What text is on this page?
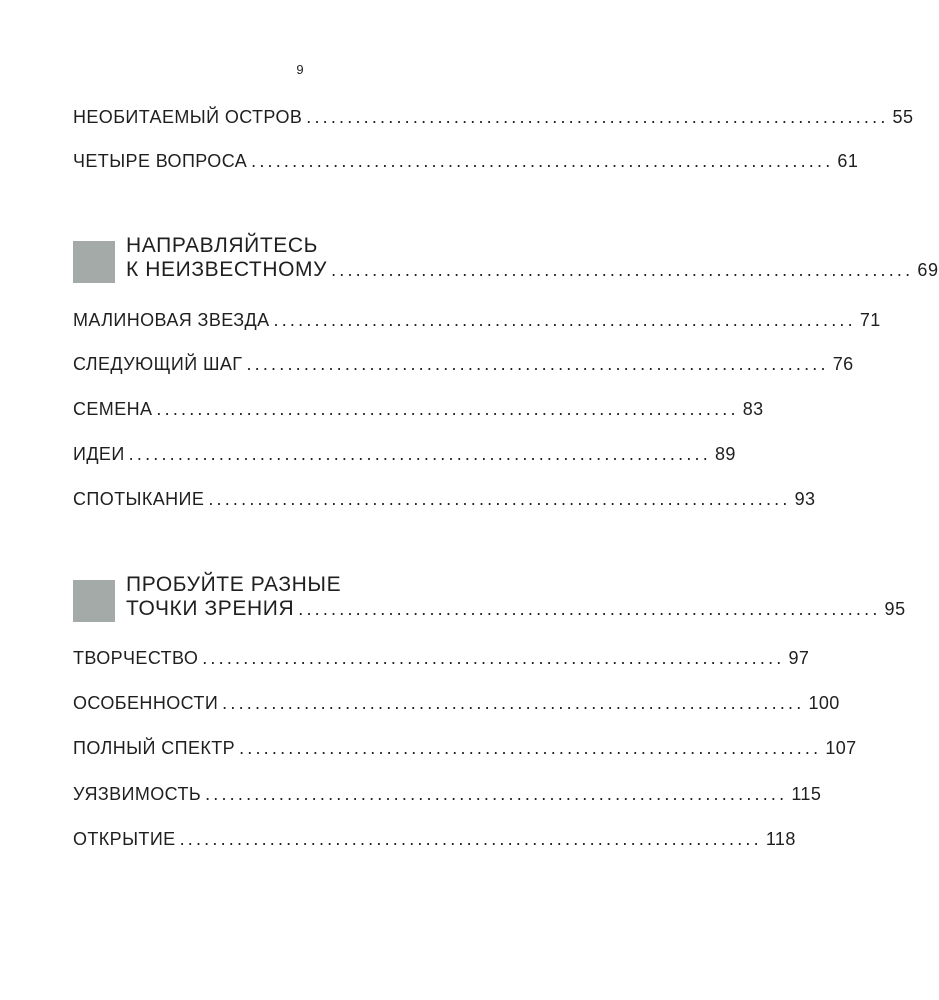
9
НЕОБИТАЕМЫЙ ОСТРОВ ....................................................................... 55
ЧЕТЫРЕ ВОПРОСА ....................................................................... 61
НАПРАВЛЯЙТЕСЬ
К НЕИЗВЕСТНОМУ ....................................................................... 69
МАЛИНОВАЯ ЗВЕЗДА ....................................................................... 71
СЛЕДУЮЩИЙ ШАГ ....................................................................... 76
СЕМЕНА ....................................................................... 83
ИДЕИ ....................................................................... 89
СПОТЫКАНИЕ ....................................................................... 93
ПРОБУЙТЕ РАЗНЫЕ
ТОЧКИ ЗРЕНИЯ ....................................................................... 95
ТВОРЧЕСТВО ....................................................................... 97
ОСОБЕННОСТИ ....................................................................... 100
ПОЛНЫЙ СПЕКТР ....................................................................... 107
УЯЗВИМОСТЬ ....................................................................... 115
ОТКРЫТИЕ ....................................................................... 118
